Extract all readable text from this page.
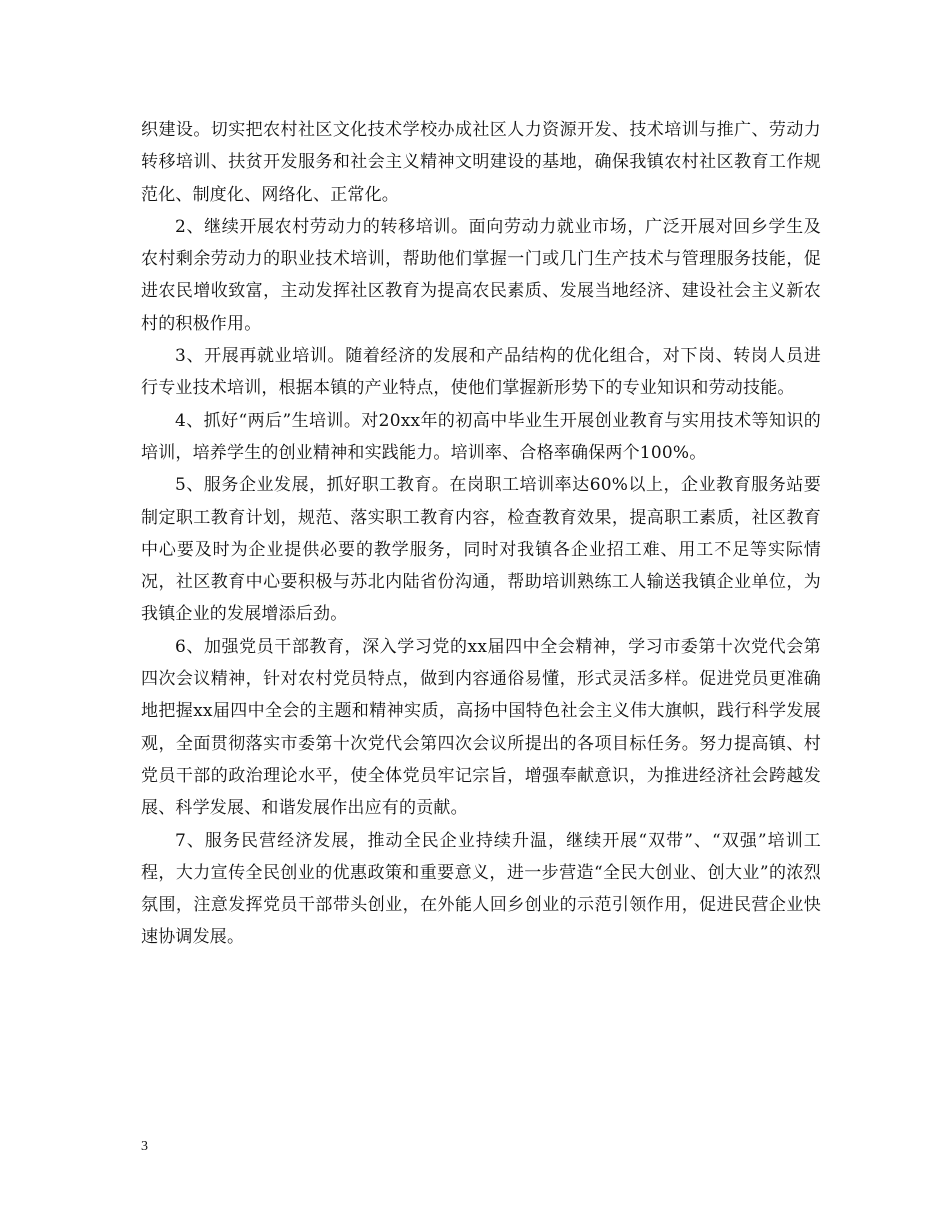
织建设。切实把农村社区文化技术学校办成社区人力资源开发、技术培训与推广、劳动力转移培训、扶贫开发服务和社会主义精神文明建设的基地，确保我镇农村社区教育工作规范化、制度化、网络化、正常化。

2、继续开展农村劳动力的转移培训。面向劳动力就业市场，广泛开展对回乡学生及农村剩余劳动力的职业技术培训，帮助他们掌握一门或几门生产技术与管理服务技能，促进农民增收致富，主动发挥社区教育为提高农民素质、发展当地经济、建设社会主义新农村的积极作用。

3、开展再就业培训。随着经济的发展和产品结构的优化组合，对下岗、转岗人员进行专业技术培训，根据本镇的产业特点，使他们掌握新形势下的专业知识和劳动技能。

4、抓好“两后”生培训。对20xx年的初高中毕业生开展创业教育与实用技术等知识的培训，培养学生的创业精神和实践能力。培训率、合格率确保两个100%。

5、服务企业发展，抓好职工教育。在岗职工培训率达60%以上，企业教育服务站要制定职工教育计划，规范、落实职工教育内容，检查教育效果，提高职工素质，社区教育中心要及时为企业提供必要的教学服务，同时对我镇各企业招工难、用工不足等实际情况，社区教育中心要积极与苏北内陆省份沟通，帮助培训熟练工人输送我镇企业单位，为我镇企业的发展增添后劲。

6、加强党员干部教育，深入学习党的xx届四中全会精神，学习市委第十次党代会第四次会议精神，针对农村党员特点，做到内容通俗易懂，形式灵活多样。促进党员更准确地把握xx届四中全会的主题和精神实质，高扬中国特色社会主义伟大旗帜，践行科学发展观，全面贯彻落实市委第十次党代会第四次会议所提出的各项目标任务。努力提高镇、村党员干部的政治理论水平，使全体党员牢记宗旨，增强奉献意识，为推进经济社会跨越发展、科学发展、和谐发展作出应有的贡献。

7、服务民营经济发展，推动全民企业持续升温，继续开展“双带”、“双强”培训工程，大力宣传全民创业的优惠政策和重要意义，进一步营造“全民大创业、创大业”的浓烈氛围，注意发挥党员干部带头创业，在外能人回乡创业的示范引领作用，促进民营企业快速协调发展。

3
